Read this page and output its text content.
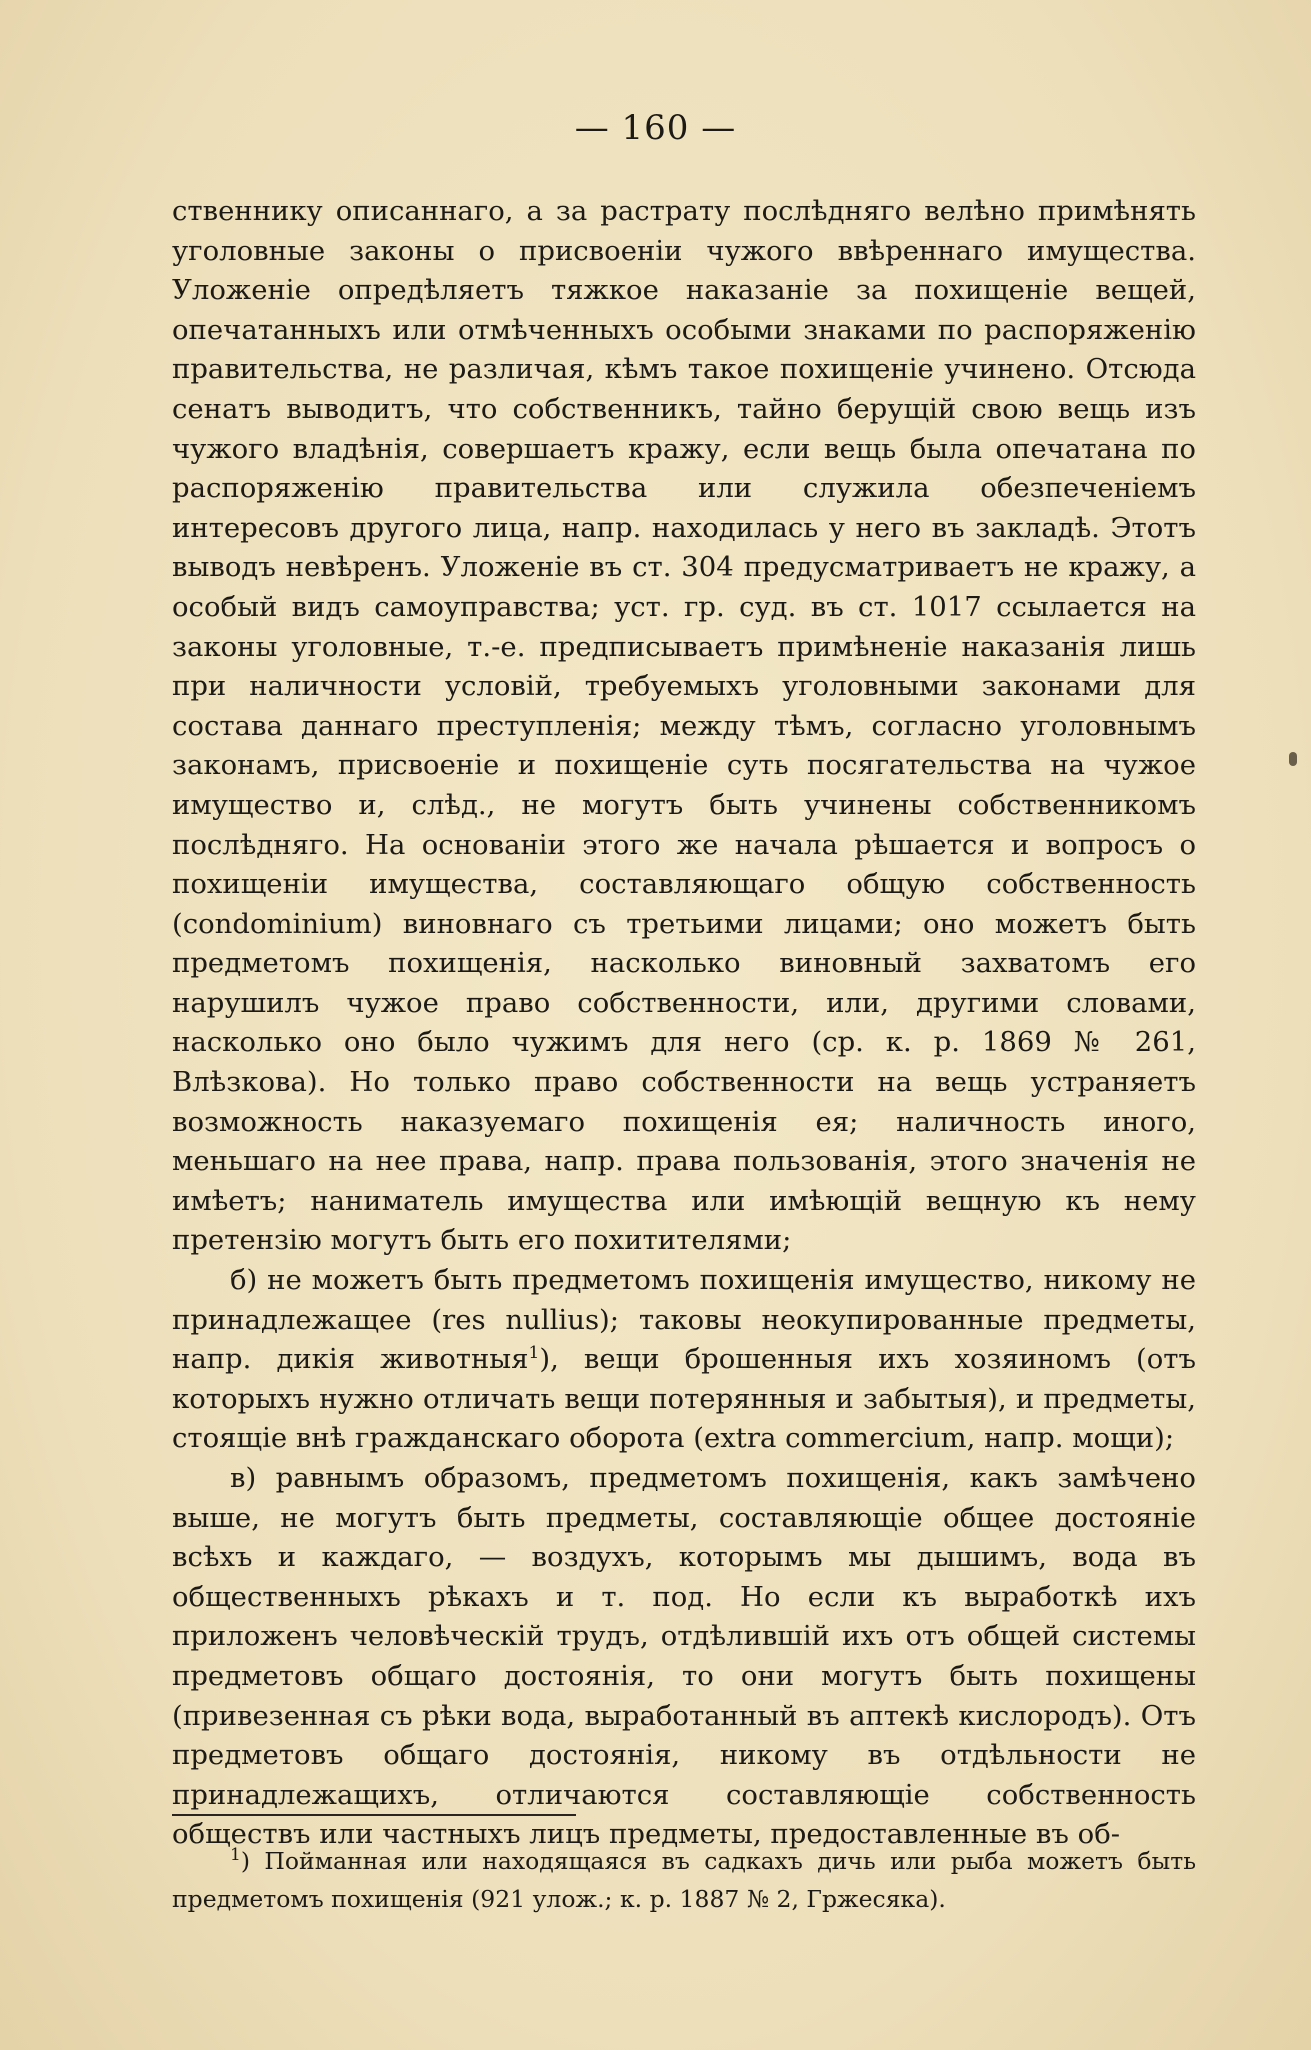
— 160 —

ственнику описаннаго, а за растрату послѣдняго велѣно примѣнять уголовные законы о присвоеніи чужого ввѣреннаго имущества. Уложеніе опредѣляетъ тяжкое наказаніе за похищеніе вещей, опечатанныхъ или отмѣченныхъ особыми знаками по распоряженію правительства, не различая, кѣмъ такое похищеніе учинено. Отсюда сенатъ выводитъ, что собственникъ, тайно берущій свою вещь изъ чужого владѣнія, совершаетъ кражу, если вещь была опечатана по распоряженію правительства или служила обезпеченіемъ интересовъ другого лица, напр. находилась у него въ закладѣ. Этотъ выводъ невѣренъ. Уложеніе въ ст. 304 предусматриваетъ не кражу, а особый видъ самоуправства; уст. гр. суд. въ ст. 1017 ссылается на законы уголовные, т.-е. предписываетъ примѣненіе наказанія лишь при наличности условій, требуемыхъ уголовными законами для состава даннаго преступленія; между тѣмъ, согласно уголовнымъ законамъ, присвоеніе и похищеніе суть посягательства на чужое имущество и, слѣд., не могутъ быть учинены собственникомъ послѣдняго. На основаніи этого же начала рѣшается и вопросъ о похищеніи имущества, составляющаго общую собственность (condominium) виновнаго съ третьими лицами; оно можетъ быть предметомъ похищенія, насколько виновный захватомъ его нарушилъ чужое право собственности, или, другими словами, насколько оно было чужимъ для него (ср. к. р. 1869 № 261, Влѣзкова). Но только право собственности на вещь устраняетъ возможность наказуемаго похищенія ея; наличность иного, меньшаго на нее права, напр. права пользованія, этого значенія не имѣетъ; наниматель имущества или имѣющій вещную къ нему претензію могутъ быть его похитителями;

б) не можетъ быть предметомъ похищенія имущество, никому не принадлежащее (res nullius); таковы неокупированные предметы, напр. дикія животныя$^1$), вещи брошенныя ихъ хозяиномъ (отъ которыхъ нужно отличать вещи потерянныя и забытыя), и предметы, стоящіе внѣ гражданскаго оборота (extra commercium, напр. мощи);

в) равнымъ образомъ, предметомъ похищенія, какъ замѣчено выше, не могутъ быть предметы, составляющіе общее достояніе всѣхъ и каждаго, — воздухъ, которымъ мы дышимъ, вода въ общественныхъ рѣкахъ и т. под. Но если къ выработкѣ ихъ приложенъ человѣческій трудъ, отдѣлившій ихъ отъ общей системы предметовъ общаго достоянія, то они могутъ быть похищены (привезенная съ рѣки вода, выработанный въ аптекѣ кислородъ). Отъ предметовъ общаго достоянія, никому въ отдѣльности не принадлежащихъ, отличаются составляющіе собственность обществъ или частныхъ лицъ предметы, предоставленные въ об-

$^1$) Пойманная или находящаяся въ садкахъ дичь или рыба можетъ быть предметомъ похищенія (921 улож.; к. р. 1887 № 2, Гржесяка).
